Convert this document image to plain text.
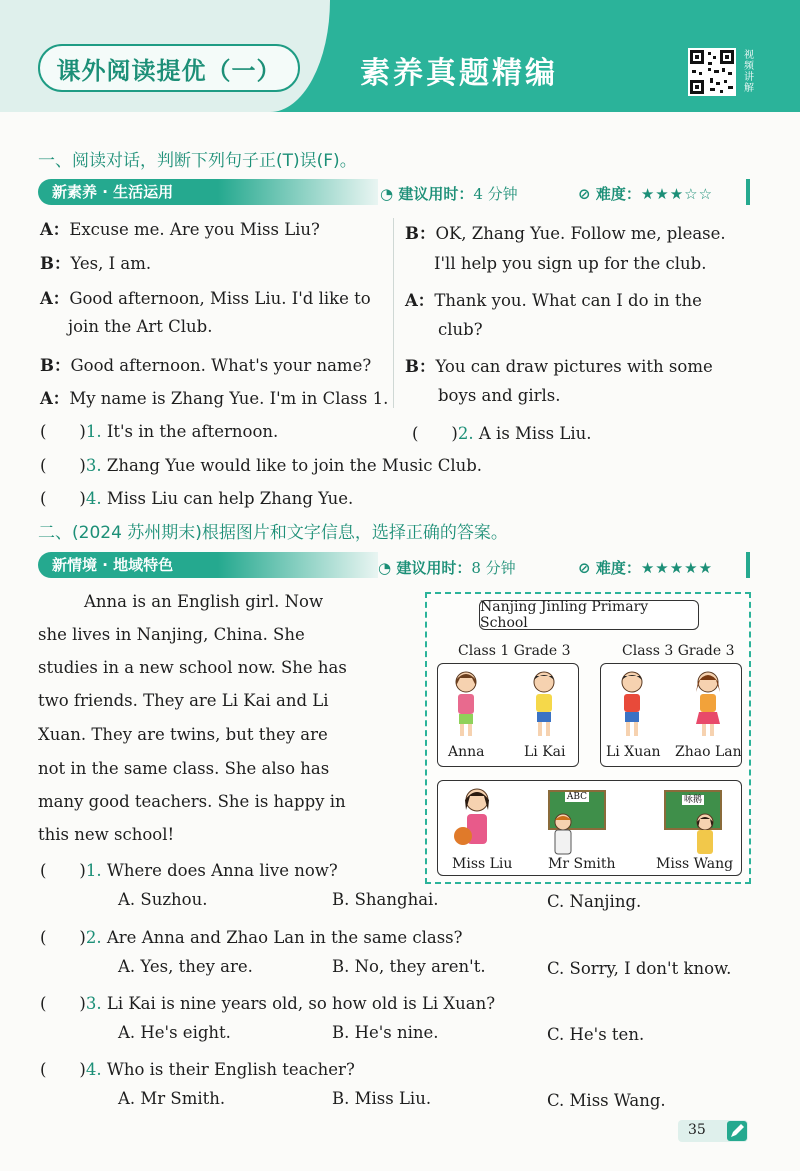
课外阅读提优（一）	素养真题精编
视频讲解
一、阅读对话，判断下列句子正(T)误(F)。
新素养 · 生活运用	◔ 建议用时：4 分钟	⊘ 难度：★★★☆☆
A：Excuse me. Are you Miss Liu?
B：Yes, I am.
A：Good afternoon, Miss Liu. I'd like to
join the Art Club.
B：Good afternoon. What's your name?
A：My name is Zhang Yue. I'm in Class 1.
B：OK, Zhang Yue. Follow me, please.
I'll help you sign up for the club.
A：Thank you. What can I do in the
club?
B：You can draw pictures with some
boys and girls.
(　　)1. It's in the afternoon.	(　　)2. A is Miss Liu.
(　　)3. Zhang Yue would like to join the Music Club.
(　　)4. Miss Liu can help Zhang Yue.
二、(2024 苏州期末)根据图片和文字信息，选择正确的答案。
新情境 · 地域特色	◔ 建议用时：8 分钟	⊘ 难度：★★★★★
Anna is an English girl. Now
she lives in Nanjing, China. She
studies in a new school now. She has
two friends. They are Li Kai and Li
Xuan. They are twins, but they are
not in the same class. She also has
many good teachers. She is happy in
this new school!
Nanjing Jinling Primary School
Class 1 Grade 3	Class 3 Grade 3
Anna	Li Kai	Li Xuan Zhao Lan
ABC	咏鹅
Miss Liu	Mr Smith	Miss Wang
(　　)1. Where does Anna live now?
A. Suzhou.	B. Shanghai.	C. Nanjing.
(　　)2. Are Anna and Zhao Lan in the same class?
A. Yes, they are.	B. No, they aren't.	C. Sorry, I don't know.
(　　)3. Li Kai is nine years old, so how old is Li Xuan?
A. He's eight.	B. He's nine.	C. He's ten.
(　　)4. Who is their English teacher?
A. Mr Smith.	B. Miss Liu.	C. Miss Wang.
35
